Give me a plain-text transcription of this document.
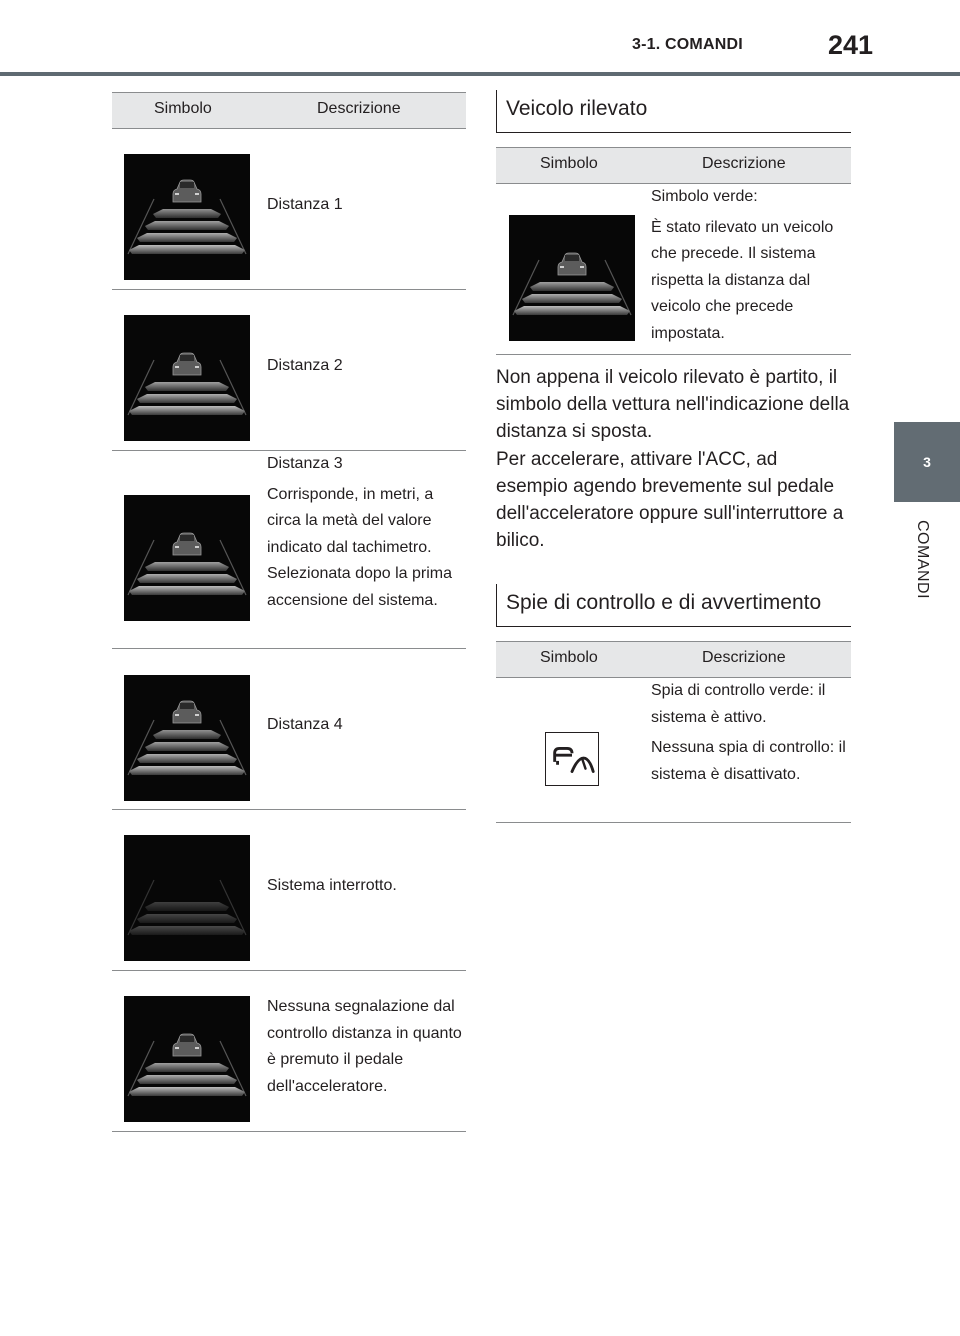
3-1. COMANDI	241
3
COMANDI
Simbolo	Descrizione

Distanza 1

Distanza 2

Distanza 3

Corrisponde, in metri, a circa la metà del valore indicato dal tachimetro. Selezionata dopo la prima accensione del sistema.

Distanza 4

Sistema interrotto.

Nessuna segnalazione dal controllo distanza in quanto è premuto il pedale dell'acceleratore.

Veicolo rilevato
Simbolo	Descrizione

Simbolo verde:

È stato rilevato un veicolo che precede. Il sistema rispetta la distanza dal veicolo che precede impostata.

Non appena il veicolo rilevato è partito, il simbolo della vettura nell'indicazione della distanza si sposta.
Per accelerare, attivare l'ACC, ad esempio agendo brevemente sul pedale dell'acceleratore oppure sull'interruttore a bilico.
Spie di controllo e di avvertimento
Simbolo	Descrizione

Spia di controllo verde: il sistema è attivo.

Nessuna spia di controllo: il sistema è disattivato.
